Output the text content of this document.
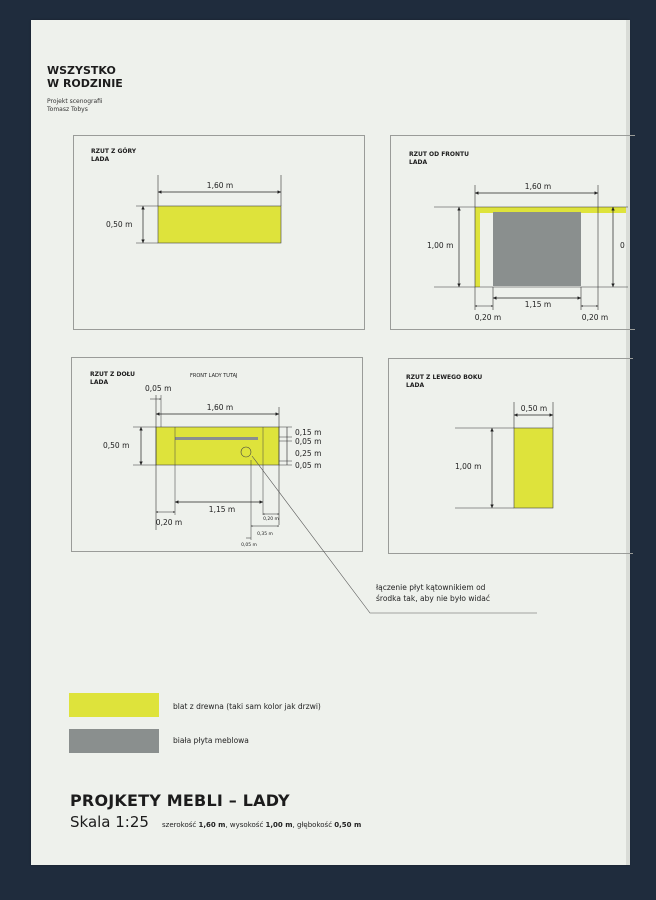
WSZYSTKO
W RODZINIE

Projekt scenografii
Tomasz Tobys
RZUT Z GÓRY
LADA
RZUT OD FRONTU
LADA
RZUT Z DOŁU
LADA
RZUT Z LEWEGO BOKU
LADA
1,60 m
0,50 m
1,60 m
1,00 m	0
1,15 m
0,20 m	0,20 m
FRONT LADY TUTAJ
0,05 m
1,60 m
0,50 m
0,15 m
0,05 m
0,25 m
0,05 m
1,15 m
0,20 m	0,20 m
0,35 m
0,05 m
0,50 m
1,00 m
łączenie płyt kątownikiem od
środka tak, aby nie było widać
blat z drewna (taki sam kolor jak drzwi)
biała płyta meblowa
PROJKETY MEBLI – LADY
Skala 1:25 szerokość 1,60 m, wysokość 1,00 m, głębokość 0,50 m
